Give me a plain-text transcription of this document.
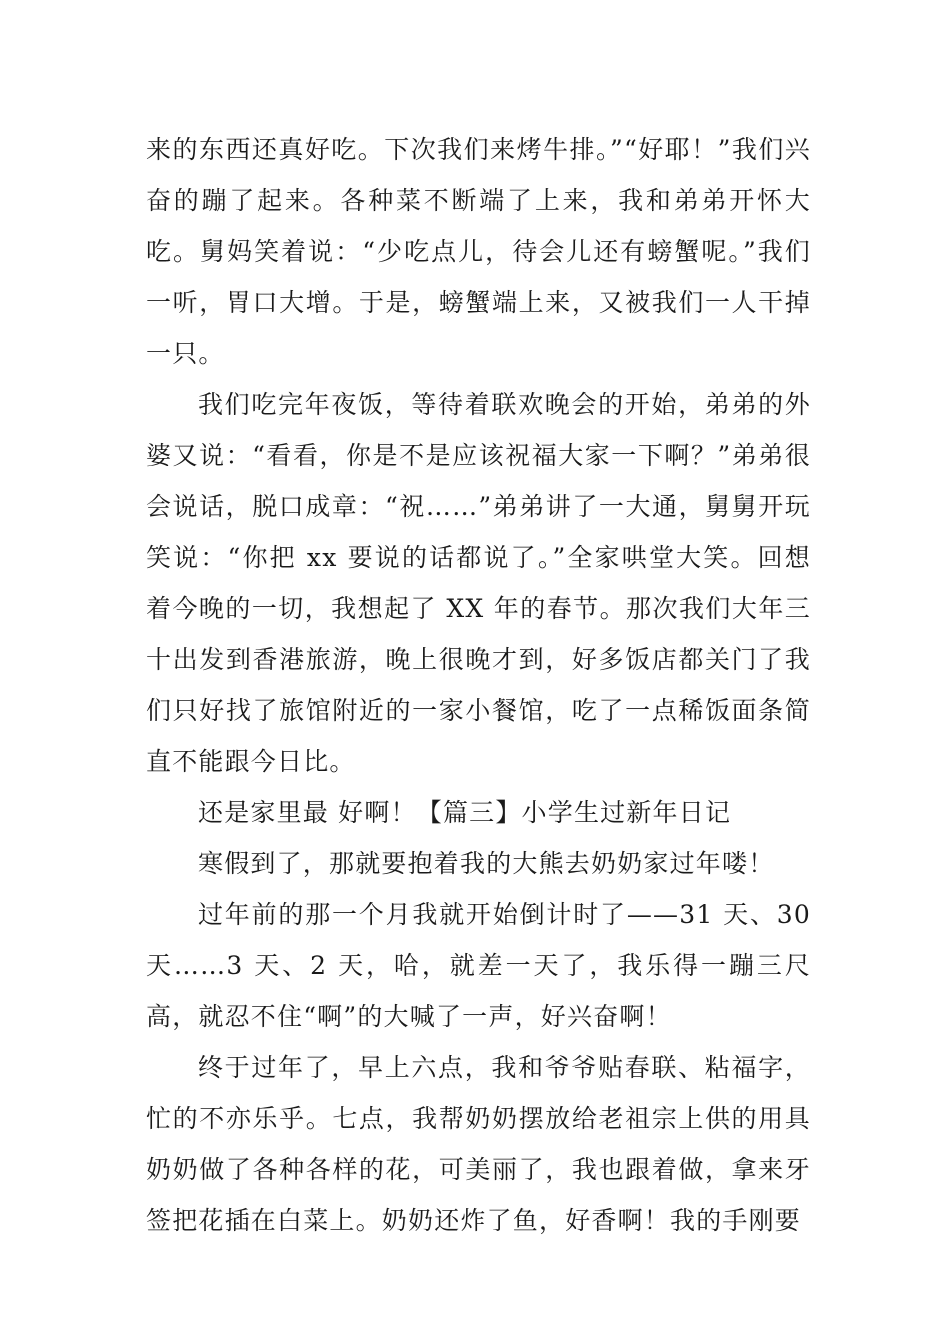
来的东西还真好吃。下次我们来烤牛排。”“好耶！”我们兴奋的蹦了起来。各种菜不断端了上来，我和弟弟开怀大吃。舅妈笑着说：“少吃点儿，待会儿还有螃蟹呢。”我们一听，胃口大增。于是，螃蟹端上来，又被我们一人干掉一只。

我们吃完年夜饭，等待着联欢晚会的开始，弟弟的外婆又说：“看看，你是不是应该祝福大家一下啊？”弟弟很会说话，脱口成章：“祝……”弟弟讲了一大通，舅舅开玩笑说：“你把 xx 要说的话都说了。”全家哄堂大笑。回想着今晚的一切，我想起了 XX 年的春节。那次我们大年三十出发到香港旅游，晚上很晚才到，好多饭店都关门了我们只好找了旅馆附近的一家小餐馆，吃了一点稀饭面条简直不能跟今日比。

还是家里最 好啊！【篇三】小学生过新年日记

寒假到了，那就要抱着我的大熊去奶奶家过年喽！

过年前的那一个月我就开始倒计时了——31 天、30 天……3 天、2 天，哈，就差一天了，我乐得一蹦三尺高，就忍不住“啊”的大喊了一声，好兴奋啊！

终于过年了，早上六点，我和爷爷贴春联、粘福字，忙的不亦乐乎。七点，我帮奶奶摆放给老祖宗上供的用具奶奶做了各种各样的花，可美丽了，我也跟着做，拿来牙签把花插在白菜上。奶奶还炸了鱼，好香啊！我的手刚要
